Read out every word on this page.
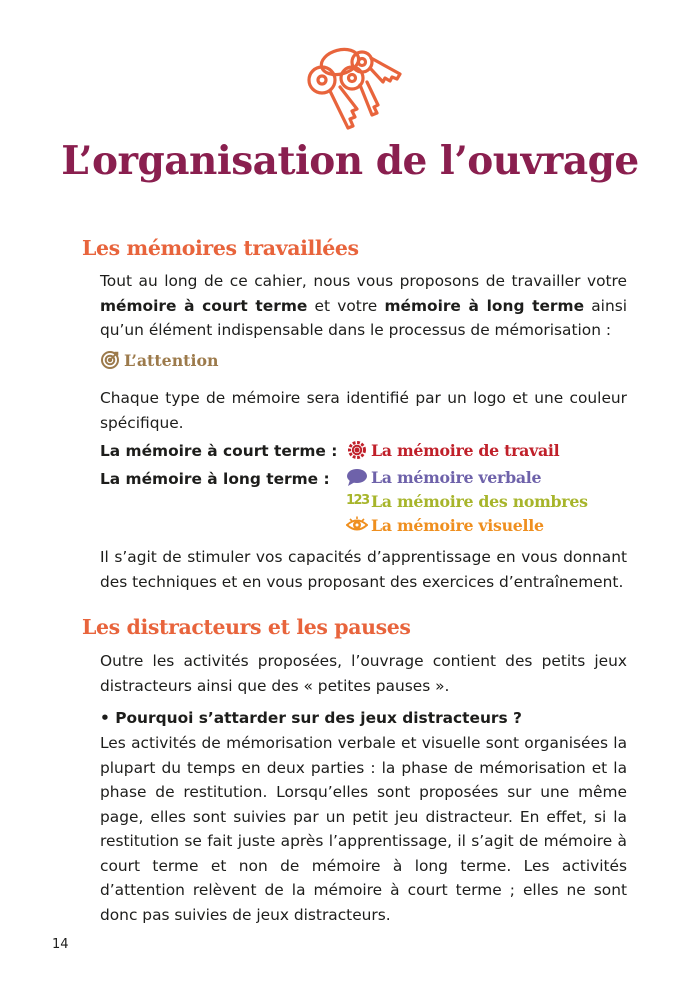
L’organisation de l’ouvrage
Les mémoires travaillées

Tout au long de ce cahier, nous vous proposons de travailler votre mémoire à court terme et votre mémoire à long terme ainsi qu’un élément indispensable dans le processus de mémorisation :

L’attention

Chaque type de mémoire sera identifié par un logo et une couleur spécifique.

La mémoire à court terme :
La mémoire à long terme :
La mémoire de travail
La mémoire verbale
123 La mémoire des nombres
La mémoire visuelle

Il s’agit de stimuler vos capacités d’apprentissage en vous donnant des techniques et en vous proposant des exercices d’entraînement.

Les distracteurs et les pauses

Outre les activités proposées, l’ouvrage contient des petits jeux distracteurs ainsi que des « petites pauses ».

• Pourquoi s’attarder sur des jeux distracteurs ?

Les activités de mémorisation verbale et visuelle sont organisées la plupart du temps en deux parties : la phase de mémorisation et la phase de restitution. Lorsqu’elles sont proposées sur une même page, elles sont suivies par un petit jeu distracteur. En effet, si la restitution se fait juste après l’apprentissage, il s’agit de mémoire à court terme et non de mémoire à long terme. Les activités d’attention relèvent de la mémoire à court terme ; elles ne sont donc pas suivies de jeux distracteurs.

14
